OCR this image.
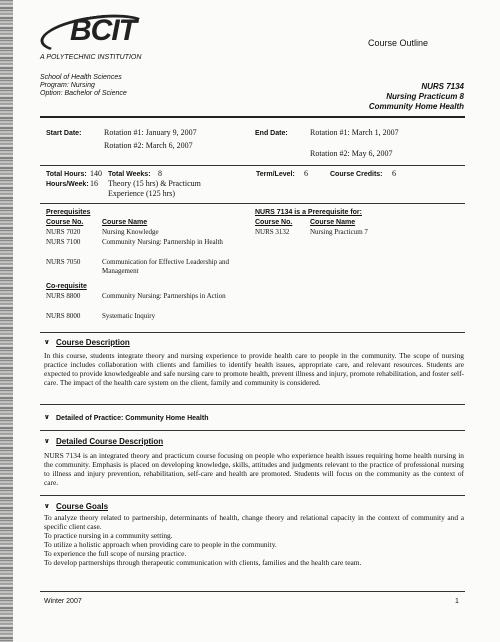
BCIT
A POLYTECHNIC INSTITUTION
Course Outline
School of Health Sciences
Program: Nursing
Option: Bachelor of Science
NURS 7134
Nursing Practicum 8
Community Home Health
Start Date:	Rotation #1: January 9, 2007
Rotation #2: March 6, 2007
End Date:	Rotation #1: March 1, 2007
Rotation #2: May 6, 2007
Total Hours: 140 Total Weeks: 8	Term/Level: 6	Course Credits: 6
Hours/Week: 16 Theory (15 hrs) & Practicum Experience (125 hrs)
Prerequisites
Course No.	Course Name
NURS 7020	Nursing Knowledge
NURS 7100	Community Nursing: Partnership in Health
NURS 7050	Communication for Effective Leadership and Management
Co-requisite
NURS 8800	Community Nursing: Partnerships in Action
NURS 8000	Systematic Inquiry
NURS 7134 is a Prerequisite for:
Course No.	Course Name
NURS 3132	Nursing Practicum 7
∨ Course Description
In this course, students integrate theory and nursing experience to provide health care to people in the community. The scope of nursing practice includes collaboration with clients and families to identify health issues, appropriate care, and relevant resources. Students are expected to provide knowledgeable and safe nursing care to promote health, prevent illness and injury, promote rehabilitation, and foster self-care. The impact of the health care system on the client, family and community is considered.
∨ Detailed of Practice: Community Home Health
∨ Detailed Course Description
NURS 7134 is an integrated theory and practicum course focusing on people who experience health issues requiring home health nursing in the community. Emphasis is placed on developing knowledge, skills, attitudes and judgments relevant to the practice of professional nursing to illness and injury prevention, rehabilitation, self-care and health are promoted. Students will focus on the community as the context of care.
∨ Course Goals
To analyze theory related to partnership, determinants of health, change theory and relational capacity in the context of community and a specific client case.
To practice nursing in a community setting.
To utilize a holistic approach when providing care to people in the community.
To experience the full scope of nursing practice.
To develop partnerships through therapeutic communication with clients, families and the health care team.
Winter 2007	1
